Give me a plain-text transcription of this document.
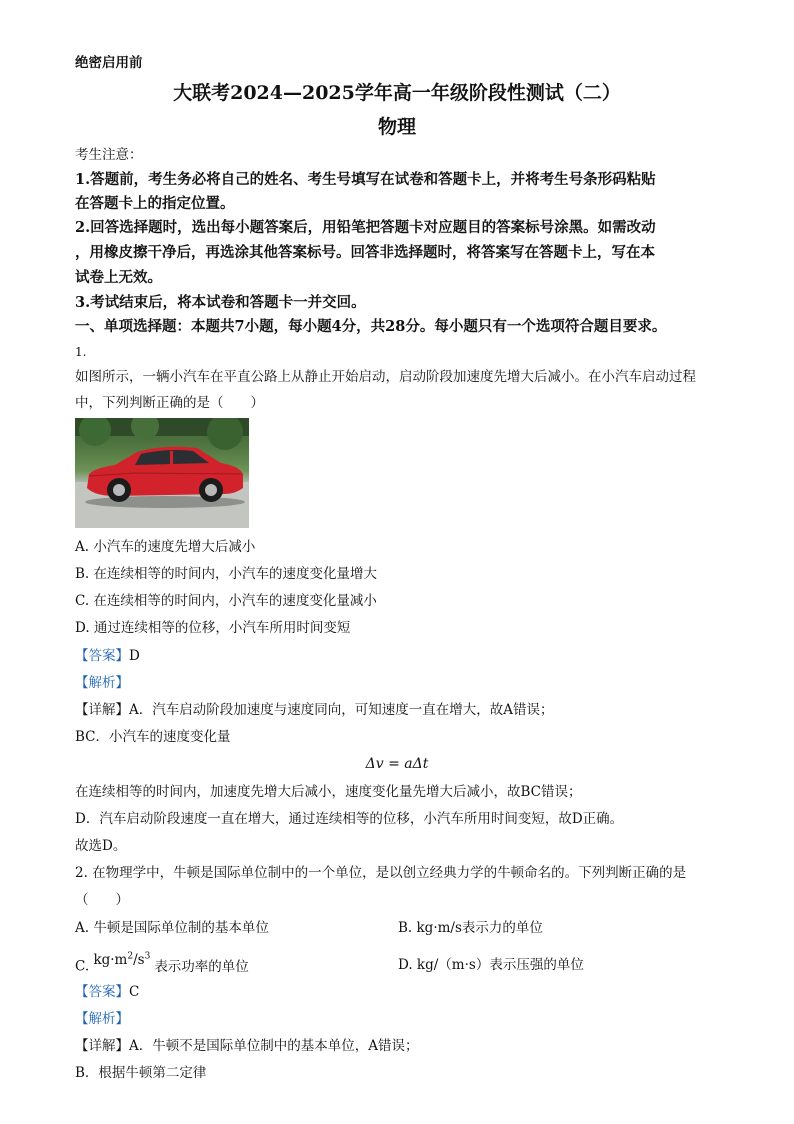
绝密启用前
大联考2024—2025学年高一年级阶段性测试（二）
物理
考生注意：
1.答题前，考生务必将自己的姓名、考生号填写在试卷和答题卡上，并将考生号条形码粘贴
在答题卡上的指定位置。
2.回答选择题时，选出每小题答案后，用铅笔把答题卡对应题目的答案标号涂黑。如需改动
，用橡皮擦干净后，再选涂其他答案标号。回答非选择题时，将答案写在答题卡上，写在本
试卷上无效。
3.考试结束后，将本试卷和答题卡一并交回。
一、单项选择题：本题共7小题，每小题4分，共28分。每小题只有一个选项符合题目要求。
1.
如图所示，一辆小汽车在平直公路上从静止开始启动，启动阶段加速度先增大后减小。在小汽车启动过程
中，下列判断正确的是（　　）
A. 小汽车的速度先增大后减小
B. 在连续相等的时间内，小汽车的速度变化量增大
C. 在连续相等的时间内，小汽车的速度变化量减小
D. 通过连续相等的位移，小汽车所用时间变短
【答案】D
【解析】
【详解】A．汽车启动阶段加速度与速度同向，可知速度一直在增大，故A错误；
BC．小汽车的速度变化量
Δv = aΔt
在连续相等的时间内，加速度先增大后减小，速度变化量先增大后减小，故BC错误；
D．汽车启动阶段速度一直在增大，通过连续相等的位移，小汽车所用时间变短，故D正确。
故选D。
2. 在物理学中，牛顿是国际单位制中的一个单位，是以创立经典力学的牛顿命名的。下列判断正确的是
（　　）
A. 牛顿是国际单位制的基本单位	B. kg·m/s表示力的单位
C. $kg\cdot m^2/s^3$表示功率的单位	D. kg/（m·s）表示压强的单位
【答案】C
【解析】
【详解】A．牛顿不是国际单位制中的基本单位，A错误；
B．根据牛顿第二定律
